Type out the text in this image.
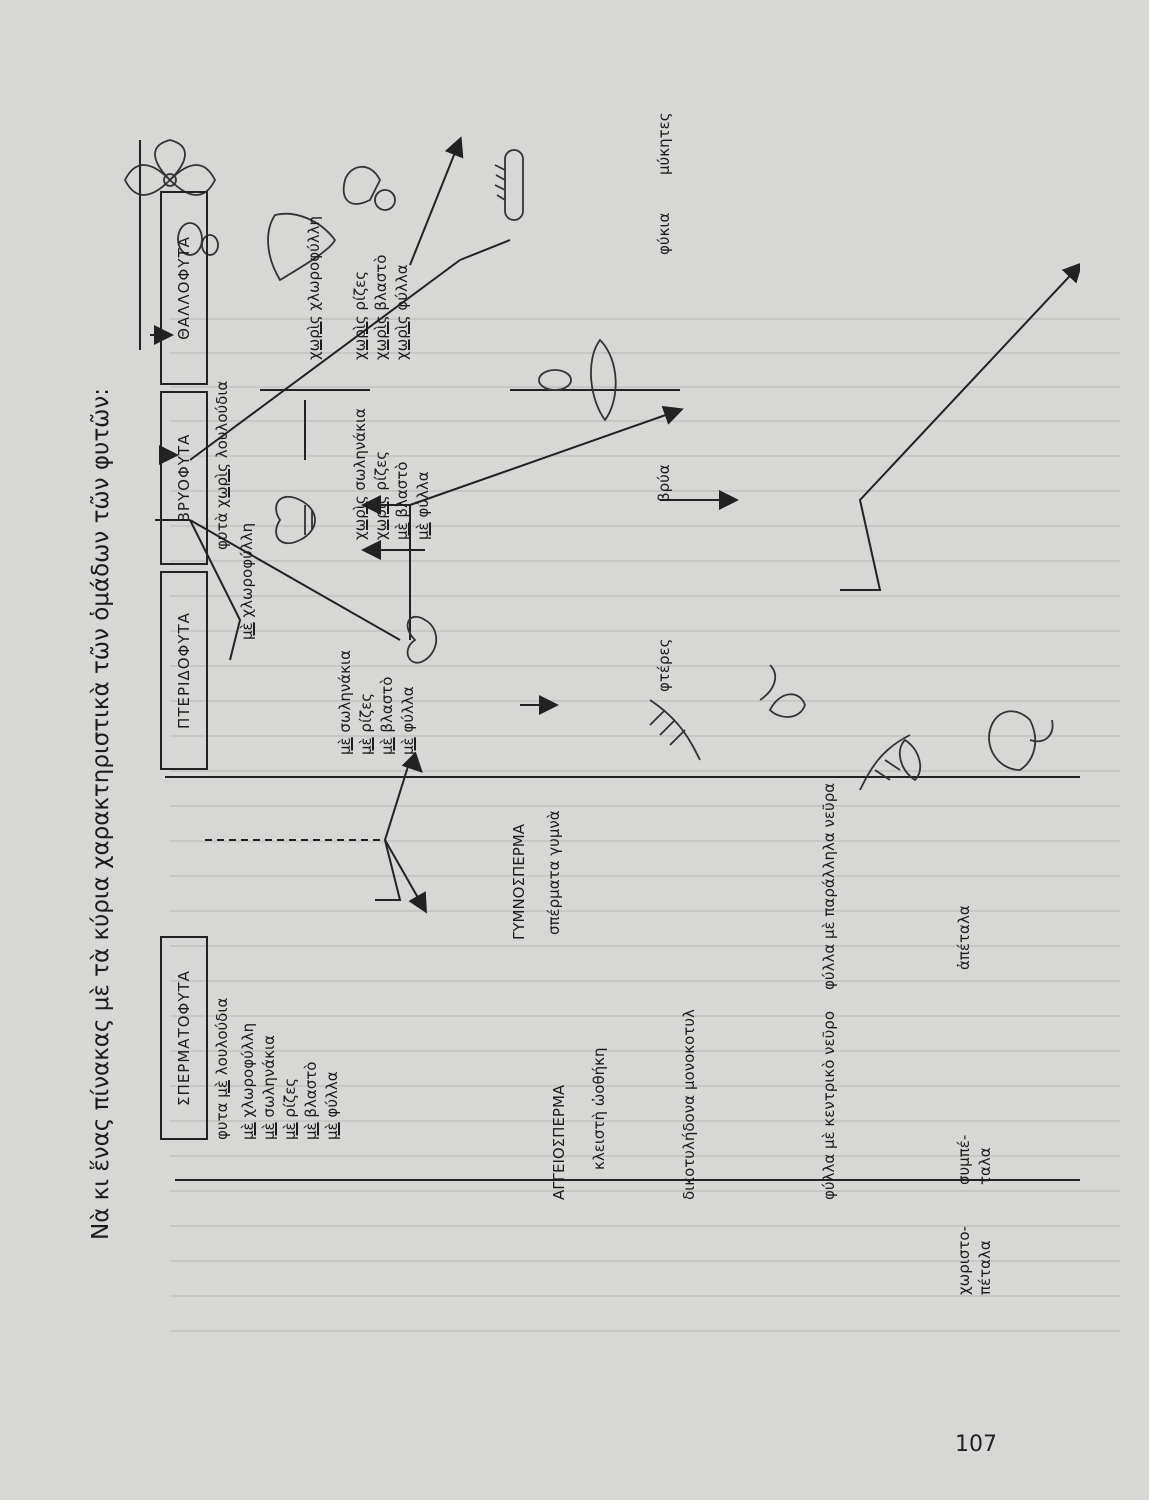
107
Νὰ κι ἕνας πίνακας μὲ τὰ κύρια χαρακτηριστικὰ τῶν ὁμάδων τῶν φυτῶν:	ΣΠΕΡΜΑΤΟΦΥΤΑ
ΠΤΕΡΙΔΟΦΥΤΑ
ΒΡΥΟΦΥΤΑ
ΘΑΛΛΟΦΥΤΑ
φυτα μὲ λουλούδια
μὲ χλωροφύλλη
μὲ σωληνάκια
μὲ ρίζες
μὲ βλαστὸ
μὲ φύλλα
μὲ σωληνάκια
μὲ ρίζες
μὲ βλαστὸ
μὲ φύλλα
φυτὰ χωρὶς λουλούδια
μὲ χλωροφύλλη
χωρὶς σωληνάκια
χωρὶς ρίζες
μὲ βλαστὸ
μὲ φύλλα
χωρὶς χλωροφύλλη
χωρὶς ρίζες
χωρὶς βλαστὸ
χωρὶς φύλλα
φτέρες
βρύα
φύκια
μύκητες
ΓΥΜΝΟΣΠΕΡΜΑ σπέρματα γυμνὰ
ΑΓΓΕΙΟΣΠΕΡΜΑ κλειστὴ ὠοθήκη	μονοκοτυλ
δικοτυλήδονα	φύλλα μὲ κεντρικὸ νεῦρο
φύλλα μὲ παράλληλα νεῦρα	ἀπέταλα
συμπέ- ταλα
χωριστο- πέταλα
